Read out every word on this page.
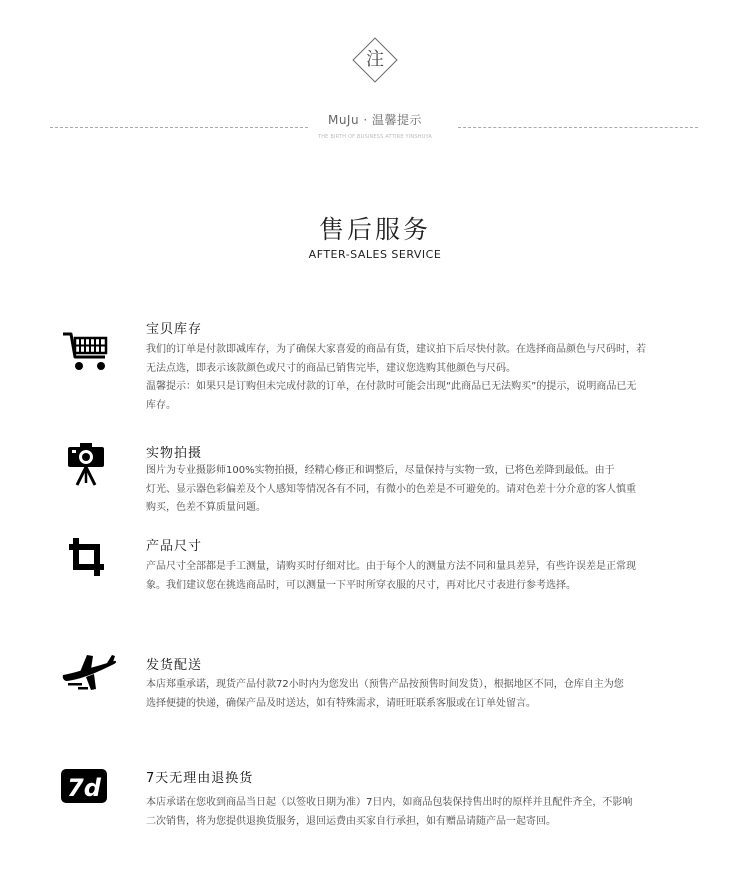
注
MuJu · 温馨提示
THE BIRTH OF BUSINESS ATTIRE YINSHUYA
售后服务
AFTER-SALES SERVICE
宝贝库存

我们的订单是付款即减库存，为了确保大家喜爱的商品有货，建议拍下后尽快付款。在选择商品颜色与尺码时，若

无法点选，即表示该款颜色或尺寸的商品已销售完毕，建议您选购其他颜色与尺码。

温馨提示：如果只是订购但未完成付款的订单，在付款时可能会出现“此商品已无法购买”的提示，说明商品已无

库存。

实物拍摄

图片为专业摄影师100%实物拍摄，经精心修正和调整后，尽量保持与实物一致，已将色差降到最低。由于

灯光、显示器色彩偏差及个人感知等情况各有不同，有微小的色差是不可避免的。请对色差十分介意的客人慎重

购买，色差不算质量问题。

产品尺寸

产品尺寸全部都是手工测量，请购买时仔细对比。由于每个人的测量方法不同和量具差异，有些许误差是正常现

象。我们建议您在挑选商品时，可以测量一下平时所穿衣服的尺寸，再对比尺寸表进行参考选择。

发货配送

本店郑重承诺，现货产品付款72小时内为您发出（预售产品按预售时间发货），根据地区不同，仓库自主为您

选择便捷的快递，确保产品及时送达，如有特殊需求，请旺旺联系客服或在订单处留言。

7d	7天无理由退换货

本店承诺在您收到商品当日起（以签收日期为准）7日内，如商品包装保持售出时的原样并且配件齐全，不影响

二次销售，将为您提供退换货服务，退回运费由买家自行承担，如有赠品请随产品一起寄回。
